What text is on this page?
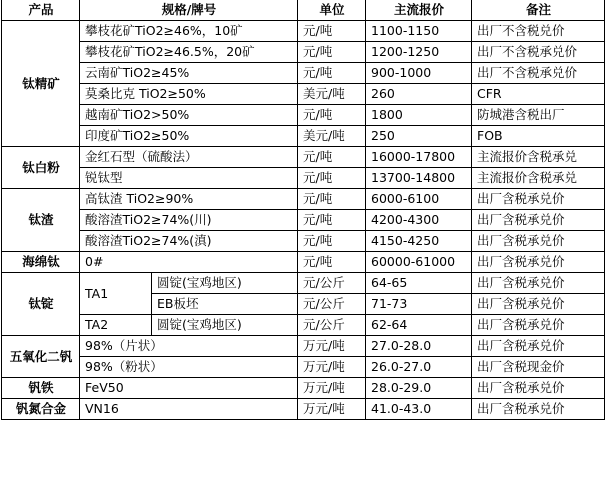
产品	规格/牌号		单位	主流报价	备注
钛精矿	攀枝花矿TiO2≥46%，10矿		元/吨	1100-1150	出厂不含税兑价
	攀枝花矿TiO2≥46.5%，20矿		元/吨	1200-1250	出厂不含税承兑价
	云南矿TiO2≥45%		元/吨	900-1000	出厂不含税承兑价
	莫桑比克 TiO2≥50%		美元/吨	260	CFR
	越南矿TiO2>50%		元/吨	1800	防城港含税出厂
	印度矿TiO2≥50%		美元/吨	250	FOB
钛白粉	金红石型（硫酸法）		元/吨	16000-17800	主流报价含税承兑
	锐钛型		元/吨	13700-14800	主流报价含税承兑
钛渣	高钛渣 TiO2≥90%		元/吨	6000-6100	出厂含税承兑价
	酸溶渣TiO2≥74%(川)		元/吨	4200-4300	出厂含税承兑价
	酸溶渣TiO2≥74%(滇)		元/吨	4150-4250	出厂含税承兑价
海绵钛	0#		元/吨	60000-61000	出厂含税承兑价
钛锭	TA1	圆锭(宝鸡地区)	元/公斤	64-65	出厂含税承兑价
		EB板坯	元/公斤	71-73	出厂含税承兑价
	TA2	圆锭(宝鸡地区)	元/公斤	62-64	出厂含税承兑价
五氧化二钒	98%（片状）		万元/吨	27.0-28.0	出厂含税承兑价
	98%（粉状）		万元/吨	26.0-27.0	出厂含税现金价
钒铁	FeV50		万元/吨	28.0-29.0	出厂含税承兑价
钒氮合金	VN16		万元/吨	41.0-43.0	出厂含税承兑价
